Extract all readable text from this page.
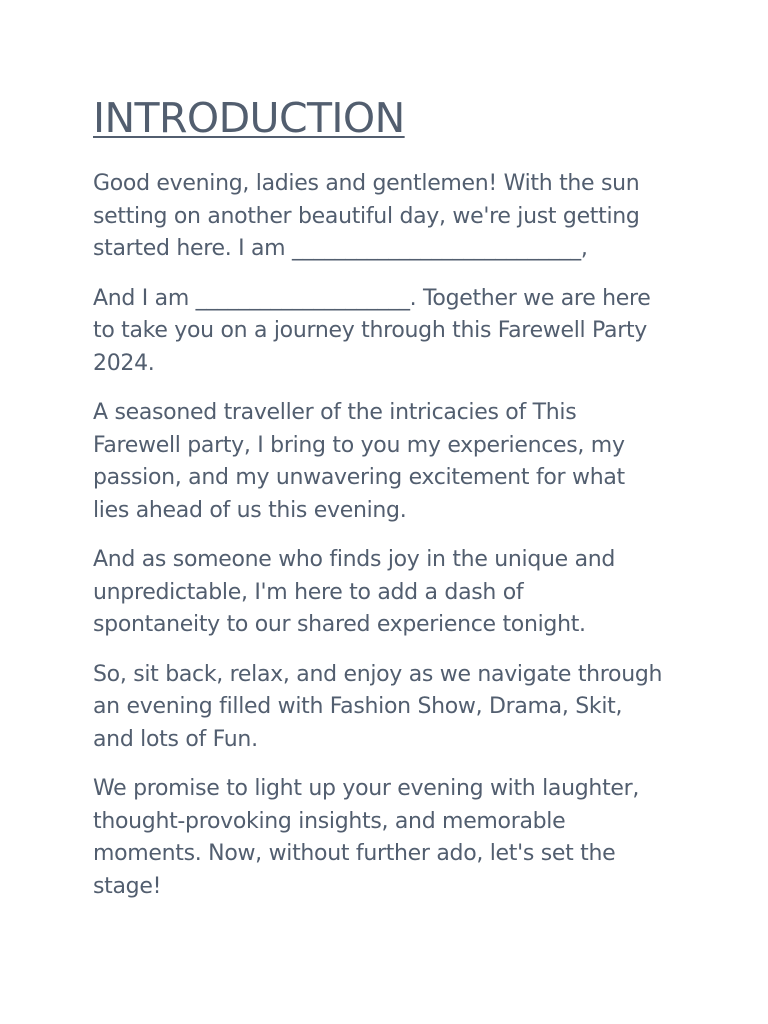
INTRODUCTION

Good evening, ladies and gentlemen! With the sun
setting on another beautiful day, we're just getting
started here. I am ___________________________,

And I am ____________________. Together we are here
to take you on a journey through this Farewell Party
2024.

A seasoned traveller of the intricacies of This
Farewell party, I bring to you my experiences, my
passion, and my unwavering excitement for what
lies ahead of us this evening.

And as someone who finds joy in the unique and
unpredictable, I'm here to add a dash of
spontaneity to our shared experience tonight.

So, sit back, relax, and enjoy as we navigate through
an evening filled with Fashion Show, Drama, Skit,
and lots of Fun.

We promise to light up your evening with laughter,
thought-provoking insights, and memorable
moments. Now, without further ado, let's set the
stage!
